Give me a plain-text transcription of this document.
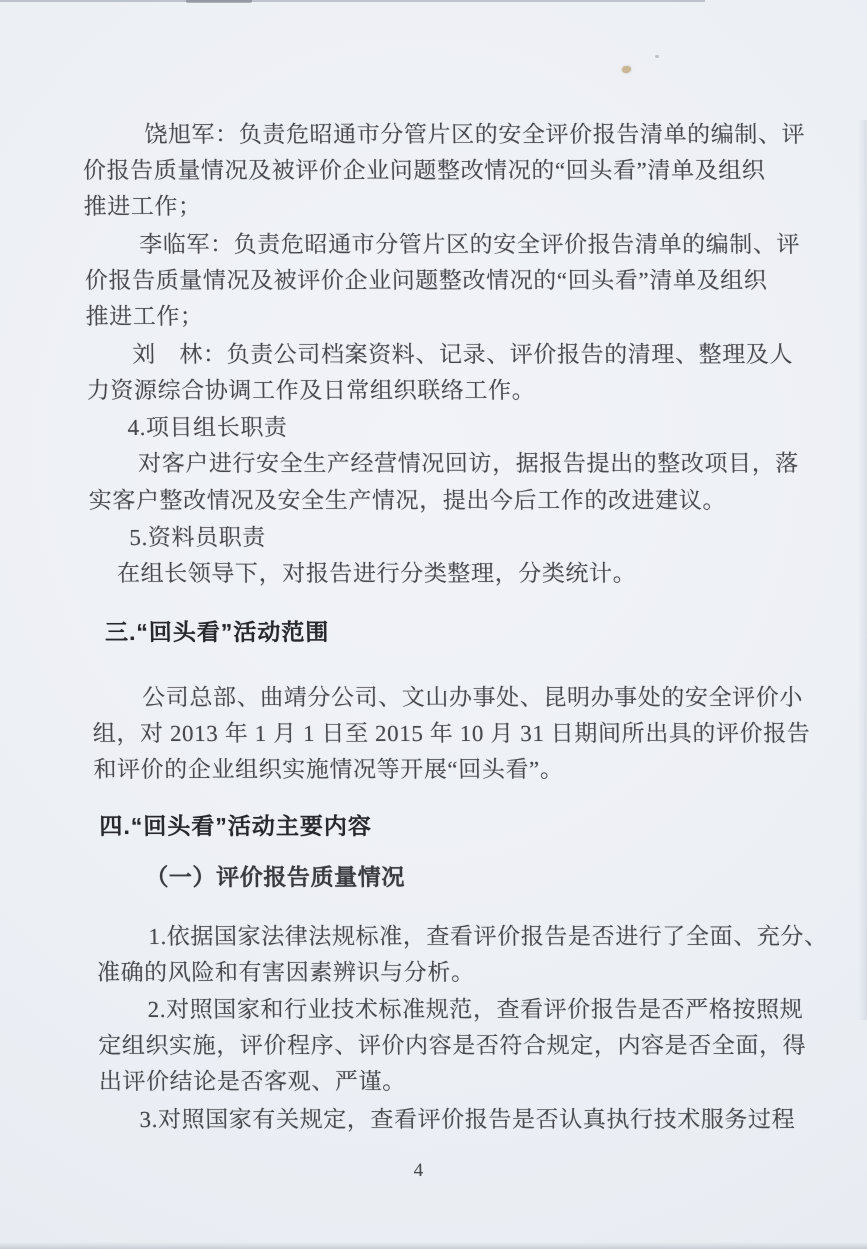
饶旭军：负责危昭通市分管片区的安全评价报告清单的编制、评
价报告质量情况及被评价企业问题整改情况的“回头看”清单及组织
推进工作；
李临军：负责危昭通市分管片区的安全评价报告清单的编制、评
价报告质量情况及被评价企业问题整改情况的“回头看”清单及组织
推进工作；
刘　林：负责公司档案资料、记录、评价报告的清理、整理及人
力资源综合协调工作及日常组织联络工作。
4.项目组长职责
对客户进行安全生产经营情况回访，据报告提出的整改项目，落
实客户整改情况及安全生产情况，提出今后工作的改进建议。
5.资料员职责
在组长领导下，对报告进行分类整理，分类统计。
三.“回头看”活动范围
公司总部、曲靖分公司、文山办事处、昆明办事处的安全评价小
组，对 2013 年 1 月 1 日至 2015 年 10 月 31 日期间所出具的评价报告
和评价的企业组织实施情况等开展“回头看”。
四.“回头看”活动主要内容
（一）评价报告质量情况
1.依据国家法律法规标准，查看评价报告是否进行了全面、充分、
准确的风险和有害因素辨识与分析。
2.对照国家和行业技术标准规范，查看评价报告是否严格按照规
定组织实施，评价程序、评价内容是否符合规定，内容是否全面，得
出评价结论是否客观、严谨。
3.对照国家有关规定，查看评价报告是否认真执行技术服务过程
4
